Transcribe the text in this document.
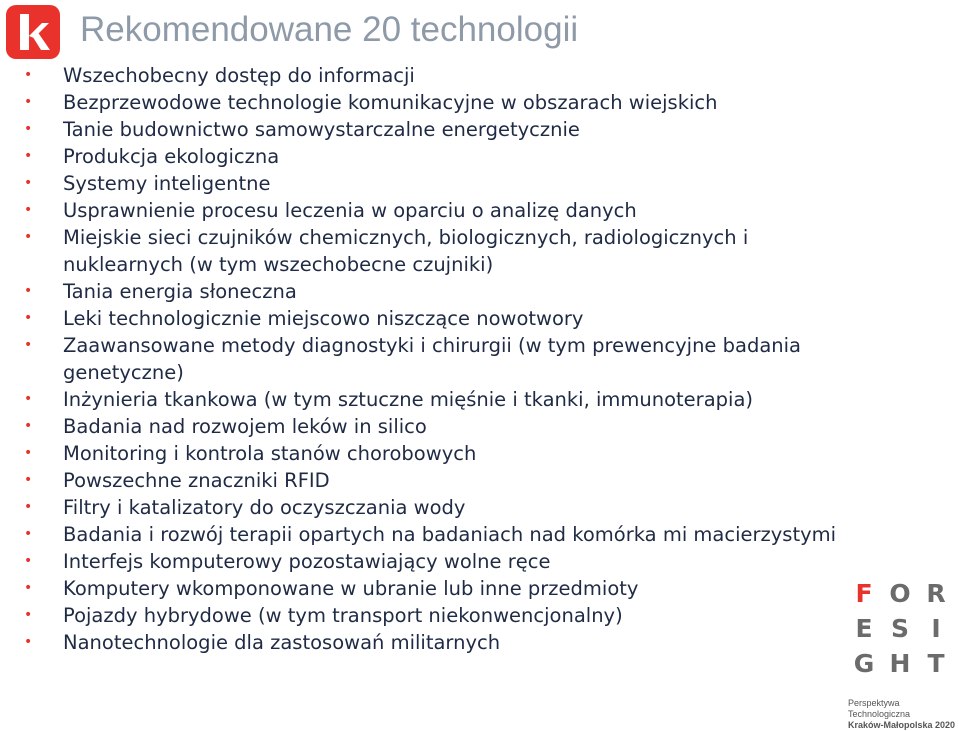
Rekomendowane 20 technologii
• Wszechobecny dostęp do informacji
• Bezprzewodowe technologie komunikacyjne w obszarach wiejskich
• Tanie budownictwo samowystarczalne energetycznie
• Produkcja ekologiczna
• Systemy inteligentne
• Usprawnienie procesu leczenia w oparciu o analizę danych
• Miejskie sieci czujników chemicznych, biologicznych, radiologicznych i nuklearnych (w tym wszechobecne czujniki)
• Tania energia słoneczna
• Leki technologicznie miejscowo niszczące nowotwory
• Zaawansowane metody diagnostyki i chirurgii (w tym prewencyjne badania genetyczne)
• Inżynieria tkankowa (w tym sztuczne mięśnie i tkanki, immunoterapia)
• Badania nad rozwojem leków in silico
• Monitoring i kontrola stanów chorobowych
• Powszechne znaczniki RFID
• Filtry i katalizatory do oczyszczania wody
• Badania i rozwój terapii opartych na badaniach nad komórka mi macierzystymi
• Interfejs komputerowy pozostawiający wolne ręce
• Komputery wkomponowane w ubranie lub inne przedmioty
• Pojazdy hybrydowe (w tym transport niekonwencjonalny)
• Nanotechnologie dla zastosowań militarnych
F O R
E S I
G H T
Perspektywa Technologiczna
Kraków-Małopolska 2020
